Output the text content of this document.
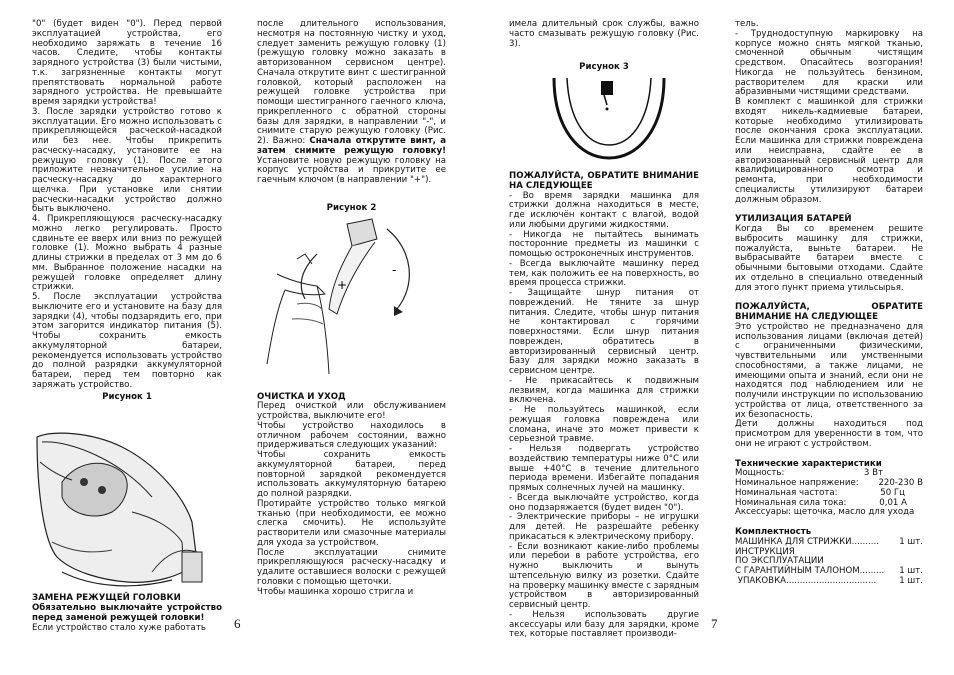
"0" (будет виден "0"). Перед первой эксплуатацией устройства, его необходимо заряжать в течение 16 часов. Следите, чтобы контакты зарядного устройства (3) были чистыми, т.к. загрязненные контакты могут препятствовать нормальной работе зарядного устройства. Не превышайте время зарядки устройства!
3. После зарядки устройство готово к эксплуатации. Его можно использовать с прикрепляющейся расческой-насадкой или без нее. Чтобы прикрепить расческу-насадку, установите ее на режущую головку (1). После этого приложите незначительное усилие на расческу-насадку до характерного щелчка. При установке или снятии расчески-насадки устройство должно быть выключено.
4. Прикрепляющуюся расческу-насадку можно легко регулировать. Просто сдвиньте ее вверх или вниз по режущей головке (1). Можно выбрать 4 разные длины стрижки в пределах от 3 мм до 6 мм. Выбранное положение насадки на режущей головке определяет длину стрижки.
5. После эксплуатации устройства выключите его и установите на базу для зарядки (4), чтобы подзарядить его, при этом загорится индикатор питания (5). Чтобы сохранить емкость аккумуляторной батареи, рекомендуется использовать устройство до полной разрядки аккумуляторной батареи, перед тем повторно как заряжать устройство.

Рисунок 1

ЗАМЕНА РЕЖУЩЕЙ ГОЛОВКИ

Обязательно выключайте устройство перед заменой режущей головки!

Если устройство стало хуже работать

после длительного использования, несмотря на постоянную чистку и уход, следует заменить режущую головку (1) (режущую головку можно заказать в авторизованном сервисном центре). Сначала открутите винт с шестигранной головкой, который расположен на режущей головке устройства при помощи шестигранного гаечного ключа, прикрепленного с обратной стороны базы для зарядки, в направлении "-", и снимите старую режущую головку (Рис. 2). Важно: Сначала открутите винт, а затем снимите режущую головку! Установите новую режущую головку на корпус устройства и прикрутите ее гаечным ключом (в направлении "+").

Рисунок 2

-
+

ОЧИСТКА И УХОД

Перед очисткой или обслуживанием устройства, выключите его!
Чтобы устройство находилось в отличном рабочем состоянии, важно придерживаться следующих указаний:
Чтобы сохранить емкость аккумуляторной батареи, перед повторной зарядкой рекомендуется использовать аккумуляторную батарею до полной разрядки.
Протирайте устройство только мягкой тканью (при необходимости, ее можно слегка смочить). Не используйте растворители или смазочные материалы для ухода за устройством.
После эксплуатации снимите прикрепляющуюся расческу-насадку и удалите оставшиеся волоски с режущей головки с помощью щеточки.
Чтобы машинка хорошо стригла и

6

имела длительный срок службы, важно часто смазывать режущую головку (Рис. 3).

Рисунок 3

ПОЖАЛУЙСТА, ОБРАТИТЕ ВНИМАНИЕ НА СЛЕДУЮЩЕЕ

- Во время зарядки машинка для стрижки должна находиться в месте, где исключён контакт с влагой, водой или любыми другими жидкостями.
- Никогда не пытайтесь вынимать посторонние предметы из машинки с помощью остроконечных инструментов.
- Всегда выключайте машинку перед тем, как положить ее на поверхность, во время процесса стрижки.
- Защищайте шнур питания от повреждений. Не тяните за шнур питания. Следите, чтобы шнур питания не контактировал с горячими поверхностями. Если шнур питания поврежден, обратитесь в авторизированный сервисный центр. Базу для зарядки можно заказать в сервисном центре.
- Не прикасайтесь к подвижным лезвиям, когда машинка для стрижки включена.
- Не пользуйтесь машинкой, если режущая головка повреждена или сломана, иначе это может привести к серьезной травме.
- Нельзя подвергать устройство воздействию температуры ниже 0°С или выше +40°С в течение длительного периода времени. Избегайте попадания прямых солнечных лучей на машинку.
- Всегда выключайте устройство, когда оно подзаряжается (будет виден "0").
- Электрические приборы – не игрушки для детей. Не разрешайте ребенку прикасаться к электрическому прибору.
- Если возникают какие-либо проблемы или перебои в работе устройства, его нужно выключить и вынуть штепсельную вилку из розетки. Сдайте на проверку машинку вместе с зарядным устройством в авторизированный сервисный центр.
- Нельзя использовать другие аксессуары или базу для зарядки, кроме тех, которые поставляет производи-

тель.
- Труднодоступную маркировку на корпусе можно снять мягкой тканью, смоченной обычным чистящим средством. Опасайтесь возгорания! Никогда не пользуйтесь бензином, растворителем для краски или абразивными чистящими средствами.
В комплект с машинкой для стрижки входят никель-кадмиевые батареи, которые необходимо утилизировать после окончания срока эксплуатации. Если машинка для стрижки повреждена или неисправна, сдайте ее в авторизованный сервисный центр для квалифицированного осмотра и ремонта, при необходимости специалисты утилизируют батареи должным образом.

УТИЛИЗАЦИЯ БАТАРЕЙ

Когда Вы со временем решите выбросить машинку для стрижки, пожалуйста, выньте батареи. Не выбрасывайте батареи вместе с обычными бытовыми отходами. Сдайте их отдельно в специально отведенный для этого пункт приема утильсырья.

ПОЖАЛУЙСТА, ОБРАТИТЕ ВНИМАНИЕ НА СЛЕДУЮЩЕЕ

Это устройство не предназначено для использования лицами (включая детей) с ограниченными физическими, чувствительными или умственными способностями, а также лицами, не имеющими опыта и знаний, если они не находятся под наблюдением или не получили инструкции по использованию устройства от лица, ответственного за их безопасность.
Дети должны находиться под присмотром для уверенности в том, что они не играют с устройством.

Технические характеристики

Мощность:	3 Вт
Номинальное напряжение: 220-230 В
Номинальная частота:	50 Гц
Номинальная сила тока:	0,01 А

Аксессуары: щеточка, масло для ухода

Комплектность

МАШИНКА ДЛЯ СТРИЖКИ.......... 1 шт.
ИНСТРУКЦИЯ
ПО ЭКСПЛУАТАЦИИ
С ГАРАНТИЙНЫМ ТАЛОНОМ......... 1 шт.
УПАКОВКА.................................	1 шт.
7
